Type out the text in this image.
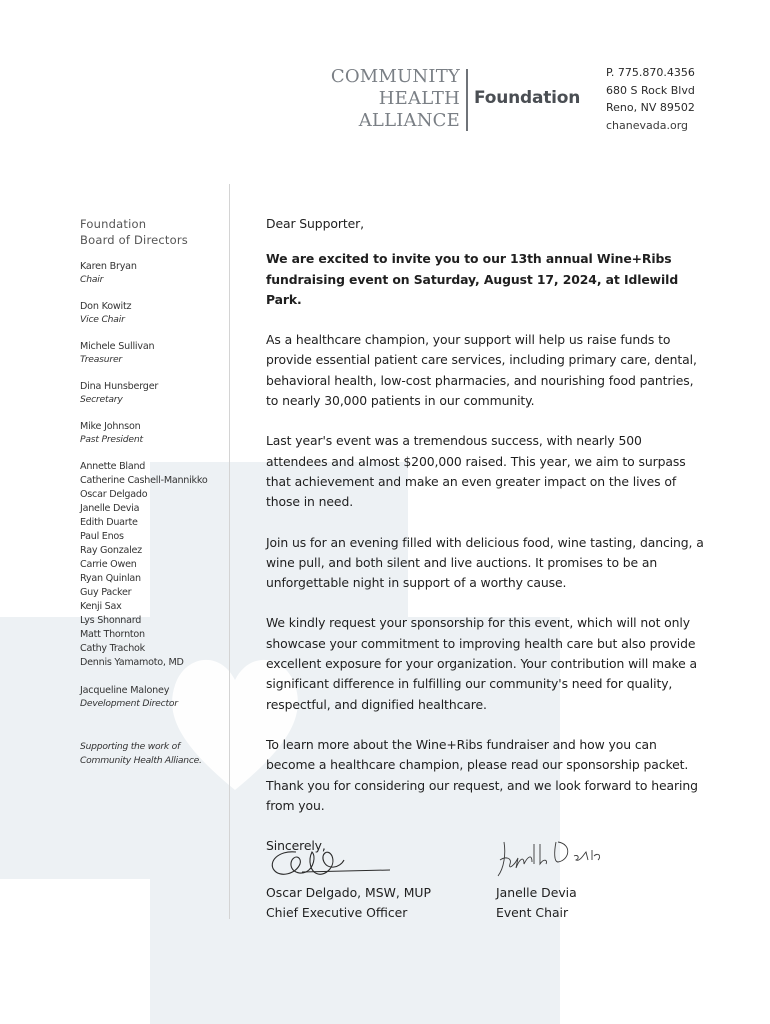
COMMUNITY
HEALTH
ALLIANCE
Foundation
P. 775.870.4356
680 S Rock Blvd
Reno, NV 89502
chanevada.org
Foundation
Board of Directors
Karen Bryan
Chair
Don Kowitz
Vice Chair
Michele Sullivan
Treasurer
Dina Hunsberger
Secretary
Mike Johnson
Past President
Annette Bland
Catherine Cashell-Mannikko
Oscar Delgado
Janelle Devia
Edith Duarte
Paul Enos
Ray Gonzalez
Carrie Owen
Ryan Quinlan
Guy Packer
Kenji Sax
Lys Shonnard
Matt Thornton
Cathy Trachok
Dennis Yamamoto, MD
Jacqueline Maloney
Development Director
Supporting the work of
Community Health Alliance.

Dear Supporter,

We are excited to invite you to our 13th annual Wine+Ribs fundraising event on Saturday, August 17, 2024, at Idlewild Park.

As a healthcare champion, your support will help us raise funds to provide essential patient care services, including primary care, dental, behavioral health, low-cost pharmacies, and nourishing food pantries, to nearly 30,000 patients in our community.

Last year's event was a tremendous success, with nearly 500 attendees and almost $200,000 raised. This year, we aim to surpass that achievement and make an even greater impact on the lives of those in need.

Join us for an evening filled with delicious food, wine tasting, dancing, a wine pull, and both silent and live auctions. It promises to be an unforgettable night in support of a worthy cause.

We kindly request your sponsorship for this event, which will not only showcase your commitment to improving health care but also provide excellent exposure for your organization. Your contribution will make a significant difference in fulfilling our community's need for quality, respectful, and dignified healthcare.

To learn more about the Wine+Ribs fundraiser and how you can become a healthcare champion, please read our sponsorship packet. Thank you for considering our request, and we look forward to hearing from you.

Sincerely,

Oscar Delgado, MSW, MUP
Chief Executive Officer
Janelle Devia
Event Chair
